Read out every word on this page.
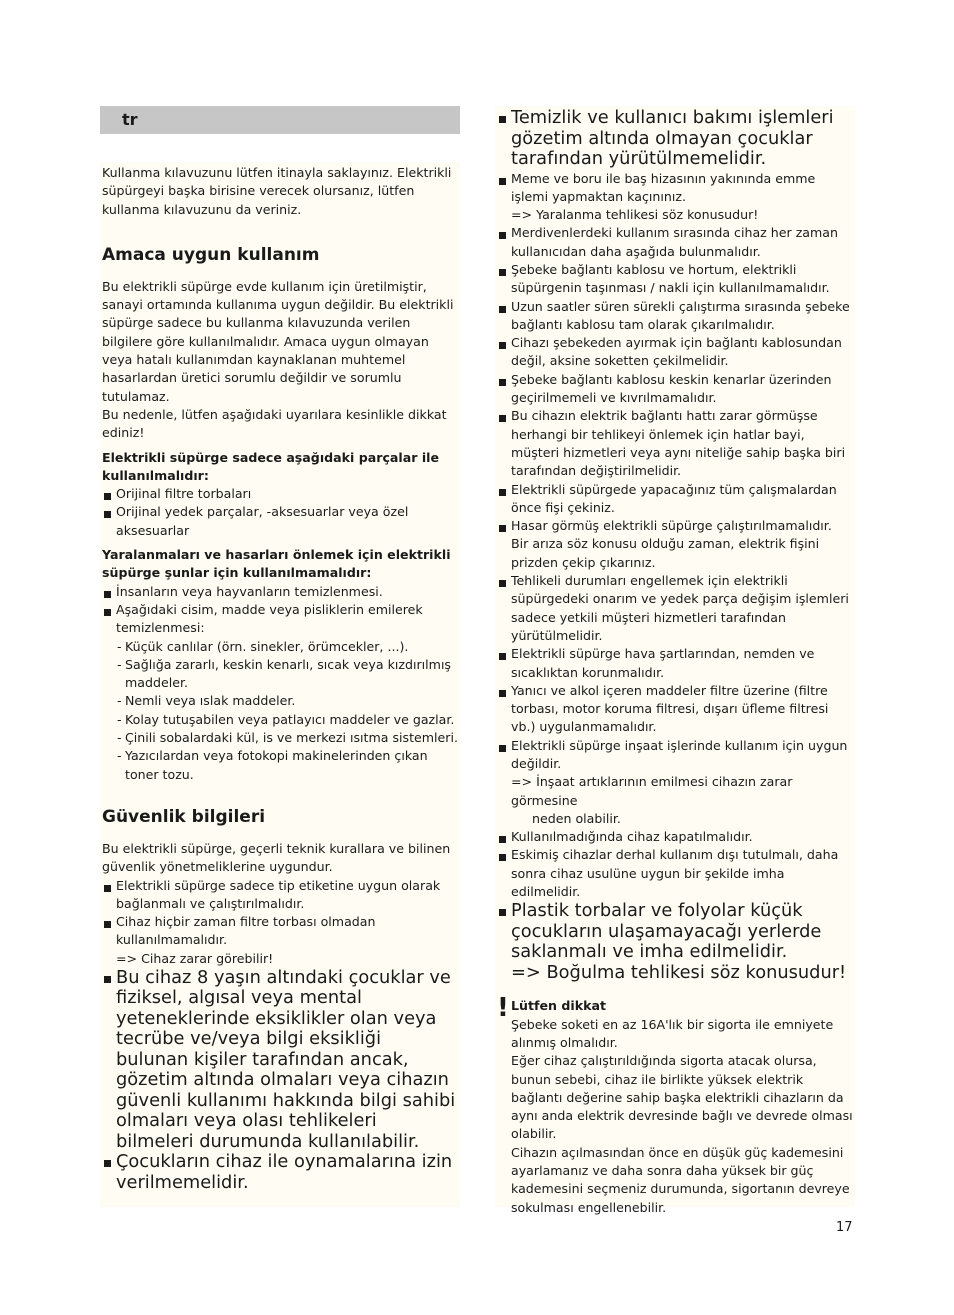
tr

Kullanma kılavuzunu lütfen itinayla saklayınız. Elektrikli süpürgeyi başka birisine verecek olursanız, lütfen kullanma kılavuzunu da veriniz.

Amaca uygun kullanım

Bu elektrikli süpürge evde kullanım için üretilmiştir, sanayi ortamında kullanıma uygun değildir. Bu elektrikli süpürge sadece bu kullanma kılavuzunda verilen bilgilere göre kullanılmalıdır. Amaca uygun olmayan veya hatalı kullanımdan kaynaklanan muhtemel hasarlardan üretici sorumlu değildir ve sorumlu tutulamaz.

Bu nedenle, lütfen aşağıdaki uyarılara kesinlikle dikkat ediniz!

Elektrikli süpürge sadece aşağıdaki parçalar ile kullanılmalıdır:

Orijinal filtre torbaları
Orijinal yedek parçalar, -aksesuarlar veya özel aksesuarlar

Yaralanmaları ve hasarları önlemek için elektrikli süpürge şunlar için kullanılmamalıdır:

İnsanların veya hayvanların temizlenmesi.
Aşağıdaki cisim, madde veya pisliklerin emilerek temizlenmesi:
- Küçük canlılar (örn. sinekler, örümcekler, ...).
- Sağlığa zararlı, keskin kenarlı, sıcak veya kızdırılmış maddeler.
- Nemli veya ıslak maddeler.
- Kolay tutuşabilen veya patlayıcı maddeler ve gazlar.
- Çinili sobalardaki kül, is ve merkezi ısıtma sistemleri.
- Yazıcılardan veya fotokopi makinelerinden çıkan toner tozu.
Güvenlik bilgileri

Bu elektrikli süpürge, geçerli teknik kurallara ve bilinen güvenlik yönetmeliklerine uygundur.

Elektrikli süpürge sadece tip etiketine uygun olarak bağlanmalı ve çalıştırılmalıdır.
Cihaz hiçbir zaman filtre torbası olmadan kullanılmamalıdır.
=> Cihaz zarar görebilir!
Bu cihaz 8 yaşın altındaki çocuklar ve fiziksel, algısal veya mental yeteneklerinde eksiklikler olan veya tecrübe ve/veya bilgi eksikliği bulunan kişiler tarafından ancak, gözetim altında olmaları veya cihazın güvenli kullanımı hakkında bilgi sahibi olmaları veya olası tehlikeleri bilmeleri durumunda kullanılabilir.
Çocukların cihaz ile oynamalarına izin verilmemelidir.
Temizlik ve kullanıcı bakımı işlemleri gözetim altında olmayan çocuklar tarafından yürütülmemelidir.
Meme ve boru ile baş hizasının yakınında emme işlemi yapmaktan kaçınınız.
=> Yaralanma tehlikesi söz konusudur!
Merdivenlerdeki kullanım sırasında cihaz her zaman kullanıcıdan daha aşağıda bulunmalıdır.
Şebeke bağlantı kablosu ve hortum, elektrikli süpürgenin taşınması / nakli için kullanılmamalıdır.
Uzun saatler süren sürekli çalıştırma sırasında şebeke bağlantı kablosu tam olarak çıkarılmalıdır.
Cihazı şebekeden ayırmak için bağlantı kablosundan değil, aksine soketten çekilmelidir.
Şebeke bağlantı kablosu keskin kenarlar üzerinden geçirilmemeli ve kıvrılmamalıdır.
Bu cihazın elektrik bağlantı hattı zarar görmüşse herhangi bir tehlikeyi önlemek için hatlar bayi, müşteri hizmetleri veya aynı niteliğe sahip başka biri tarafından değiştirilmelidir.
Elektrikli süpürgede yapacağınız tüm çalışmalardan önce fişi çekiniz.
Hasar görmüş elektrikli süpürge çalıştırılmamalıdır. Bir arıza söz konusu olduğu zaman, elektrik fişini prizden çekip çıkarınız.
Tehlikeli durumları engellemek için elektrikli süpürgedeki onarım ve yedek parça değişim işlemleri sadece yetkili müşteri hizmetleri tarafından yürütülmelidir.
Elektrikli süpürge hava şartlarından, nemden ve sıcaklıktan korunmalıdır.
Yanıcı ve alkol içeren maddeler filtre üzerine (filtre torbası, motor koruma filtresi, dışarı üfleme filtresi vb.) uygulanmamalıdır.
Elektrikli süpürge inşaat işlerinde kullanım için uygun değildir.
=> İnşaat artıklarının emilmesi cihazın zarar görmesine
neden olabilir.
Kullanılmadığında cihaz kapatılmalıdır.
Eskimiş cihazlar derhal kullanım dışı tutulmalı, daha sonra cihaz usulüne uygun bir şekilde imha edilmelidir.
Plastik torbalar ve folyolar küçük çocukların ulaşamayacağı yerlerde saklanmalı ve imha edilmelidir.
=> Boğulma tehlikesi söz konusudur!
! Lütfen dikkat

Şebeke soketi en az 16A'lık bir sigorta ile emniyete alınmış olmalıdır.

Eğer cihaz çalıştırıldığında sigorta atacak olursa, bunun sebebi, cihaz ile birlikte yüksek elektrik bağlantı değerine sahip başka elektrikli cihazların da aynı anda elektrik devresinde bağlı ve devrede olması olabilir.

Cihazın açılmasından önce en düşük güç kademesini ayarlamanız ve daha sonra daha yüksek bir güç kademesini seçmeniz durumunda, sigortanın devreye sokulması engellenebilir.

17
